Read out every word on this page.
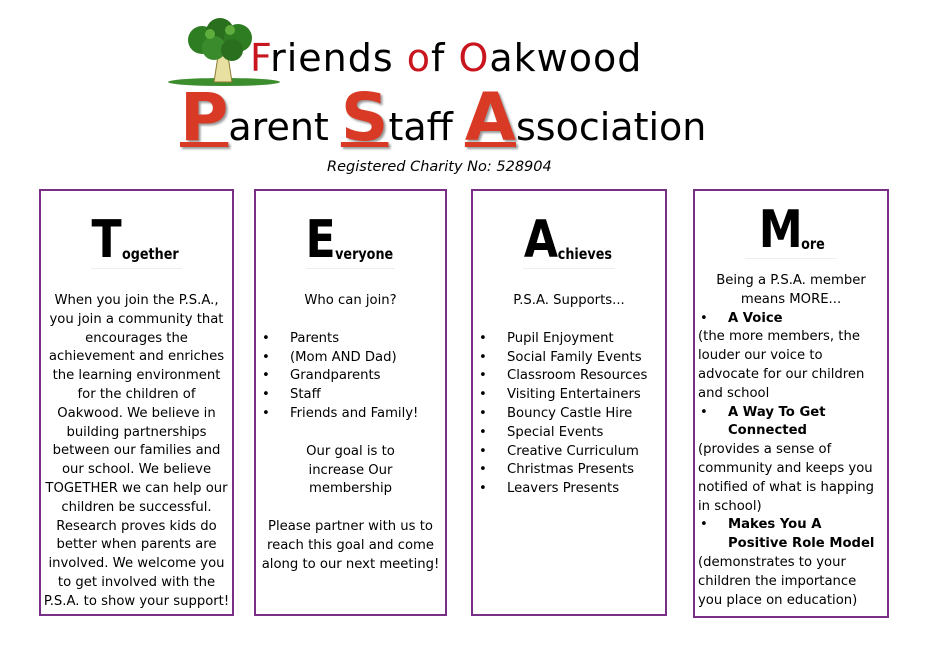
Friends of Oakwood
Parent Staff Association
Registered Charity No: 528904
T ogether
When you join the P.S.A., you join a community that encourages the achievement and enriches the learning environment for the children of Oakwood. We believe in building partnerships between our families and our school. We believe TOGETHER we can help our children be successful. Research proves kids do better when parents are involved. We welcome you to get involved with the P.S.A. to show your support!
E veryone
Who can join?
• Parents
• (Mom AND Dad)
• Grandparents
• Staff
• Friends and Family!
Our goal is to increase Our membership
Please partner with us to reach this goal and come along to our next meeting!
A chieves
P.S.A. Supports...
• Pupil Enjoyment
• Social Family Events
• Classroom Resources
• Visiting Entertainers
• Bouncy Castle Hire
• Special Events
• Creative Curriculum
• Christmas Presents
• Leavers Presents
M ore
Being a P.S.A. member means MORE...
• A Voice
(the more members, the louder our voice to advocate for our children and school
• A Way To Get Connected
(provides a sense of community and keeps you notified of what is happing in school)
• Makes You A Positive Role Model
(demonstrates to your children the importance you place on education)
